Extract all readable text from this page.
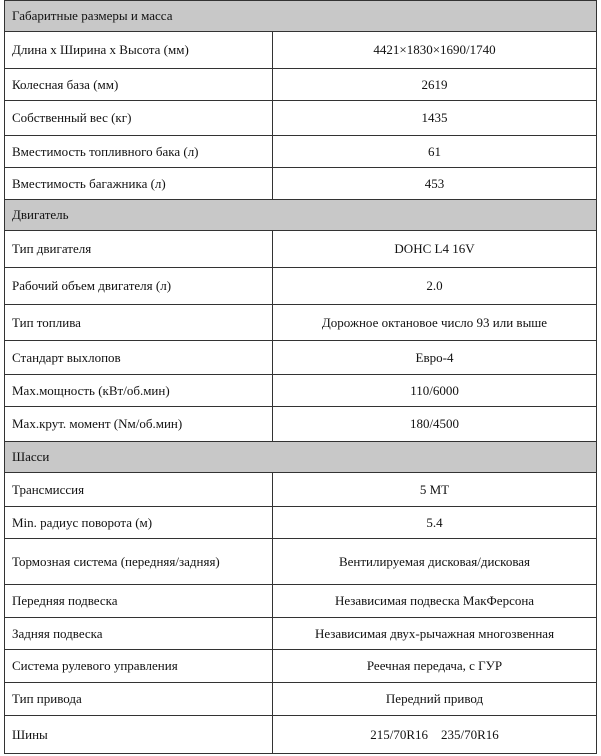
Габаритные размеры и масса	
Длина x Ширина x Высота (мм)	4421×1830×1690/1740
Колесная база (мм)	2619
Собственный вес (кг)	1435
Вместимость топливного бака (л)	61
Вместимость багажника (л)	453
Двигатель	
Тип двигателя	DOHC L4 16V
Рабочий объем двигателя (л)	2.0
Тип топлива	Дорожное октановое число 93 или выше
Стандарт выхлопов	Евро-4
Max.мощность (кВт/об.мин)	110/6000
Max.крут. момент (Nм/об.мин)	180/4500
Шасси	
Трансмиссия	5 MT
Min. радиус поворота (м)	5.4
Тормозная система (передняя/задняя)	Вентилируемая дисковая/дисковая
Передняя подвеска	Независимая подвеска МакФерсона
Задняя подвеска	Независимая двух-рычажная многозвенная
Система рулевого управления	Реечная передача, с ГУР
Тип привода	Передний привод
Шины	215/70R16    235/70R16
